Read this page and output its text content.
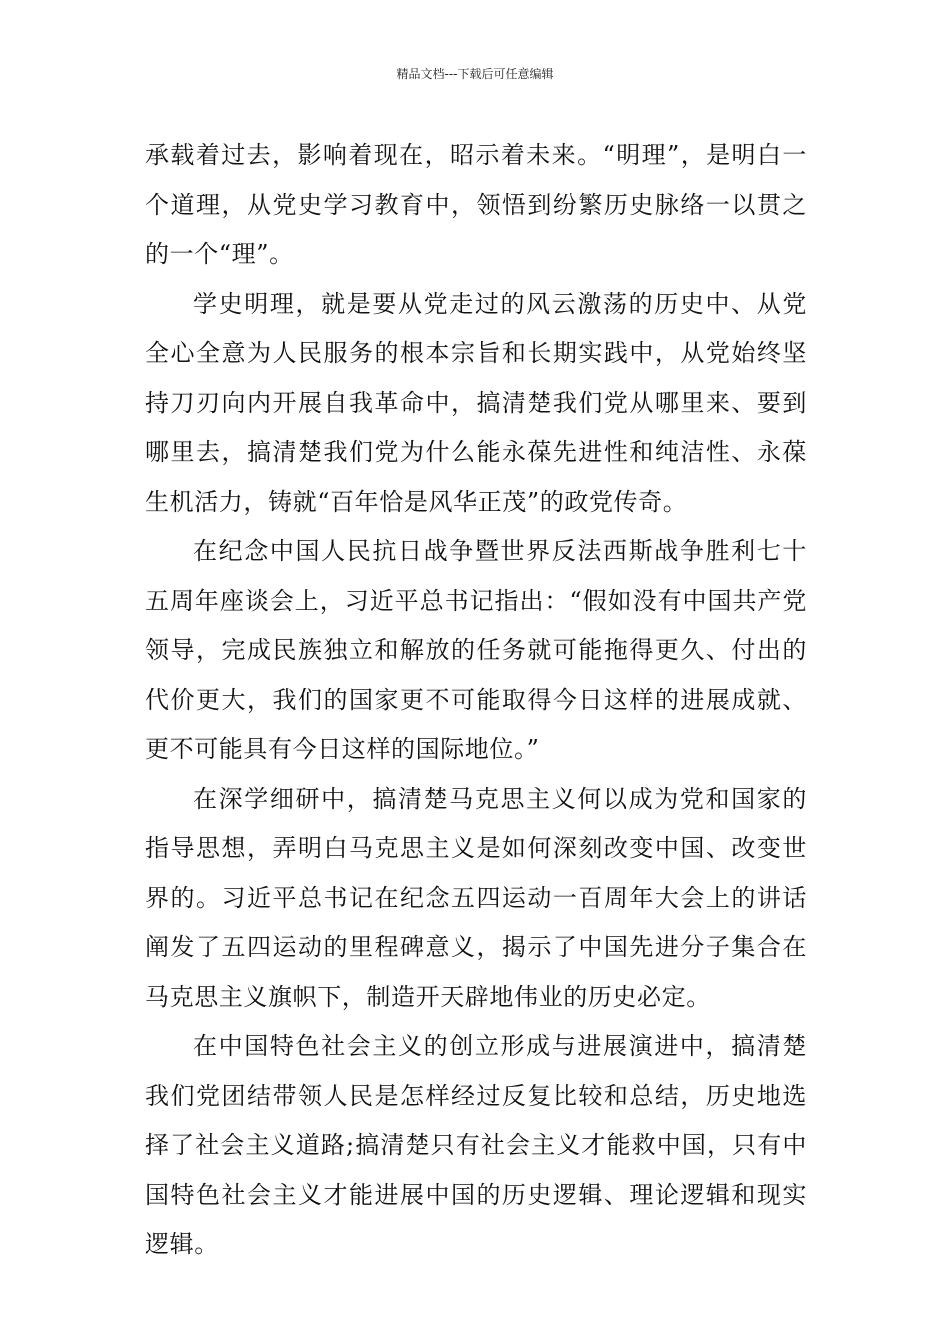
精品文档---下载后可任意编辑

承载着过去，影响着现在，昭示着未来。“明理”，是明白一个道理，从党史学习教育中，领悟到纷繁历史脉络一以贯之的一个“理”。

学史明理，就是要从党走过的风云激荡的历史中、从党全心全意为人民服务的根本宗旨和长期实践中，从党始终坚持刀刃向内开展自我革命中，搞清楚我们党从哪里来、要到哪里去，搞清楚我们党为什么能永葆先进性和纯洁性、永葆生机活力，铸就“百年恰是风华正茂”的政党传奇。

在纪念中国人民抗日战争暨世界反法西斯战争胜利七十五周年座谈会上，习近平总书记指出：“假如没有中国共产党领导，完成民族独立和解放的任务就可能拖得更久、付出的代价更大，我们的国家更不可能取得今日这样的进展成就、更不可能具有今日这样的国际地位。”

在深学细研中，搞清楚马克思主义何以成为党和国家的指导思想，弄明白马克思主义是如何深刻改变中国、改变世界的。习近平总书记在纪念五四运动一百周年大会上的讲话阐发了五四运动的里程碑意义，揭示了中国先进分子集合在马克思主义旗帜下，制造开天辟地伟业的历史必定。

在中国特色社会主义的创立形成与进展演进中，搞清楚我们党团结带领人民是怎样经过反复比较和总结，历史地选择了社会主义道路;搞清楚只有社会主义才能救中国，只有中国特色社会主义才能进展中国的历史逻辑、理论逻辑和现实逻辑。
